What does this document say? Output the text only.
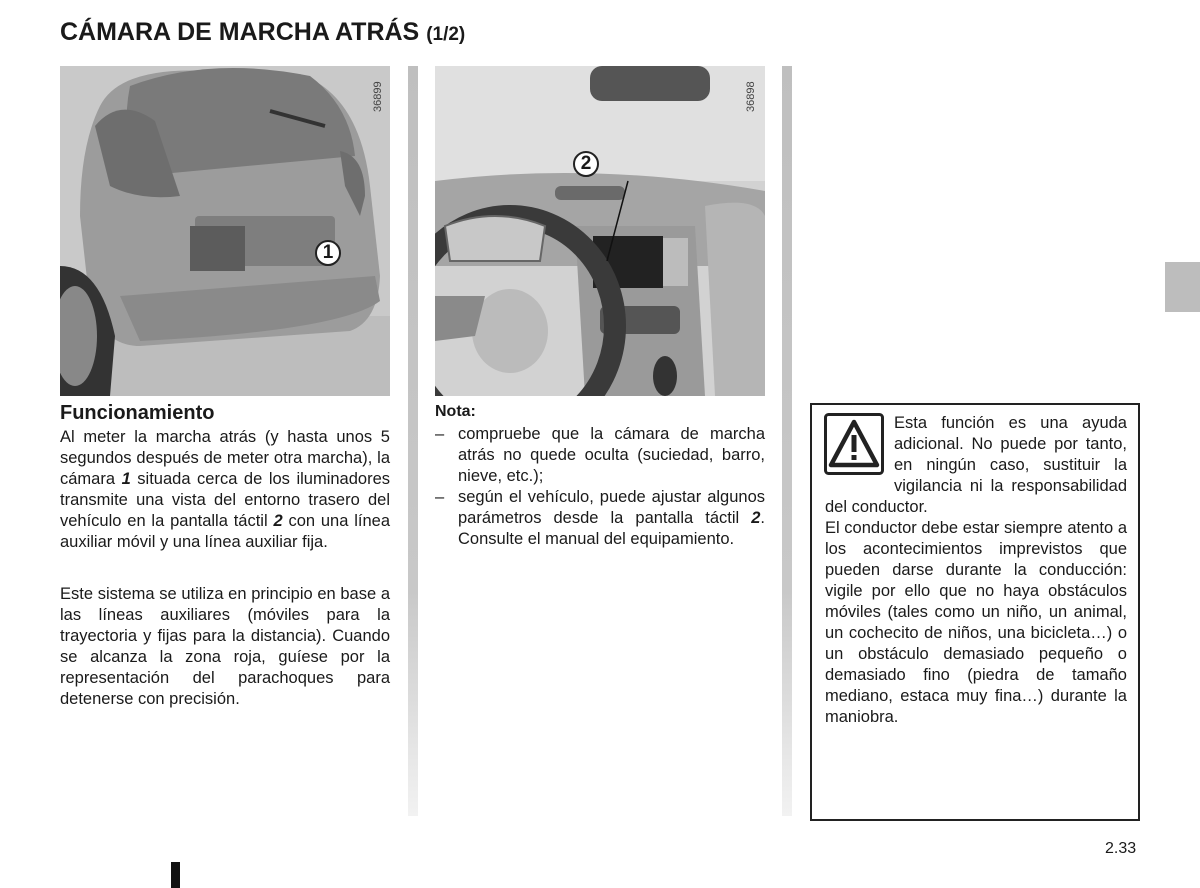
CÁMARA DE MARCHA ATRÁS (1/2)
1
36899
2
36898
Funcionamiento

Al meter la marcha atrás (y hasta unos 5 segundos después de meter otra marcha), la cámara 1 situada cerca de los iluminadores transmite una vista del entorno trasero del vehículo en la pantalla táctil 2 con una línea auxiliar móvil y una línea auxiliar fija.

Este sistema se utiliza en principio en base a las líneas auxiliares (móviles para la trayectoria y fijas para la distancia). Cuando se alcanza la zona roja, guíese por la representación del parachoques para detenerse con precisión.

Nota:
– compruebe que la cámara de marcha atrás no quede oculta (suciedad, barro, nieve, etc.);
– según el vehículo, puede ajustar algunos parámetros desde la pantalla táctil 2. Consulte el manual del equipamiento.
Esta función es una ayuda adicional. No puede por tanto, en ningún caso, sustituir la vigilancia ni la responsabilidad del conductor.
El conductor debe estar siempre atento a los acontecimientos imprevistos que pueden darse durante la conducción: vigile por ello que no haya obstáculos móviles (tales como un niño, un animal, un cochecito de niños, una bicicleta…) o un obstáculo demasiado pequeño o demasiado fino (piedra de tamaño mediano, estaca muy fina…) durante la maniobra.
2.33
